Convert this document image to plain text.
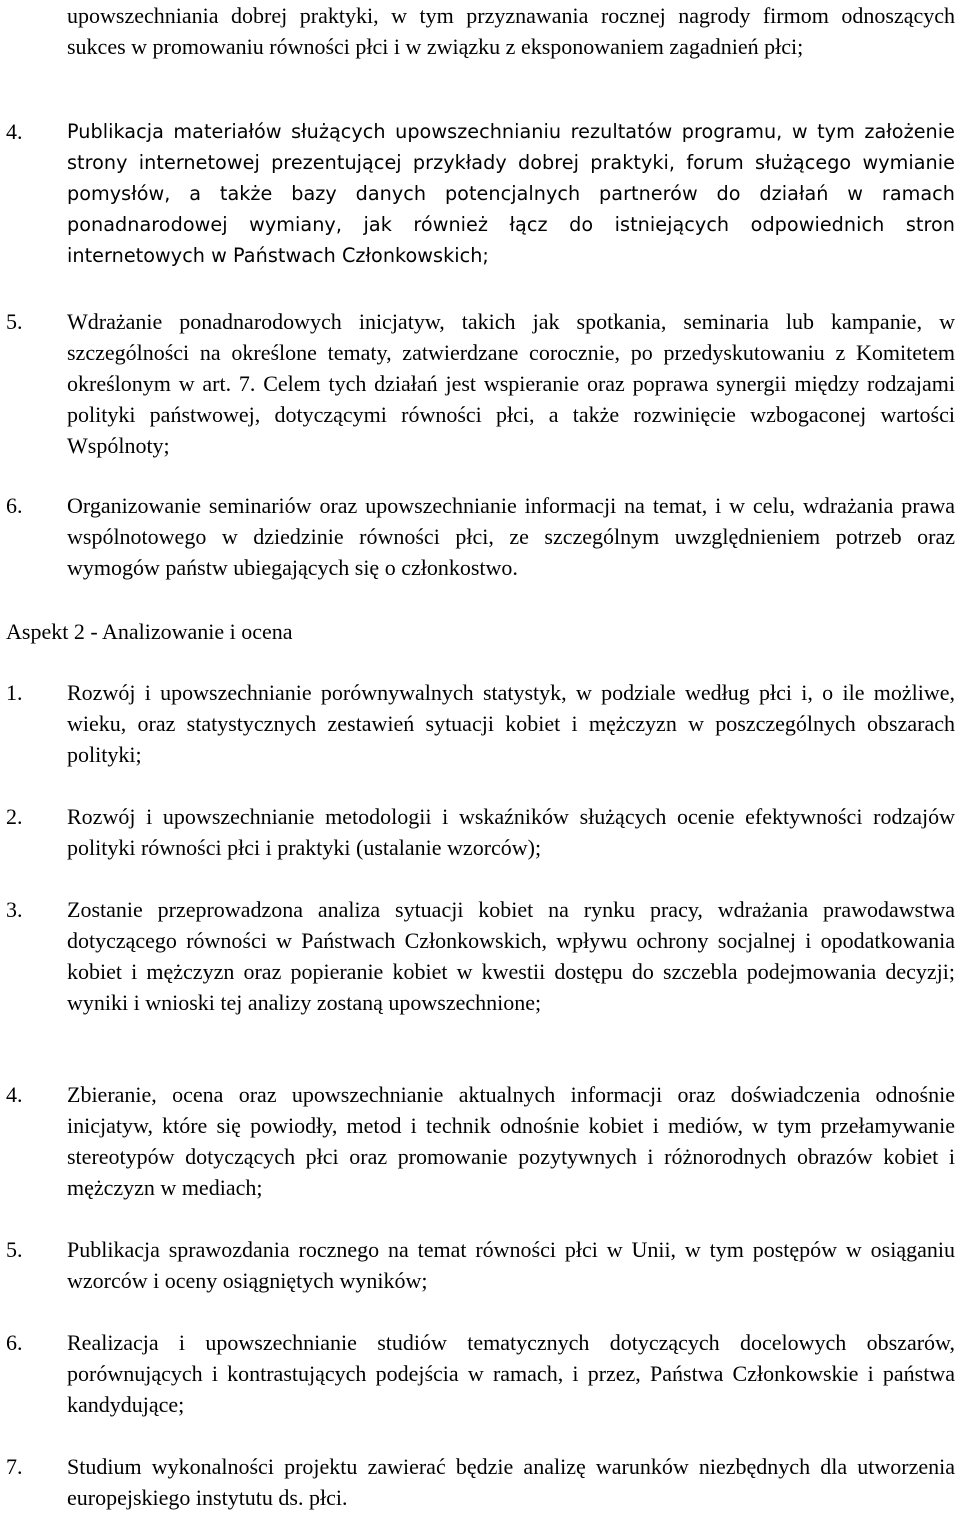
upowszechniania dobrej praktyki, w tym przyznawania rocznej nagrody firmom odnoszących sukces w promowaniu równości płci i w związku z eksponowaniem zagadnień płci;
4.	Publikacja materiałów służących upowszechnianiu rezultatów programu, w tym założenie strony internetowej prezentującej przykłady dobrej praktyki, forum służącego wymianie pomysłów, a także bazy danych potencjalnych partnerów do działań w ramach ponadnarodowej wymiany, jak również łącz do istniejących odpowiednich stron internetowych w Państwach Członkowskich;
5.	Wdrażanie ponadnarodowych inicjatyw, takich jak spotkania, seminaria lub kampanie, w szczególności na określone tematy, zatwierdzane corocznie, po przedyskutowaniu z Komitetem określonym w art. 7. Celem tych działań jest wspieranie oraz poprawa synergii między rodzajami polityki państwowej, dotyczącymi równości płci, a także rozwinięcie wzbogaconej wartości Wspólnoty;
6.	Organizowanie seminariów oraz upowszechnianie informacji na temat, i w celu, wdrażania prawa wspólnotowego w dziedzinie równości płci, ze szczególnym uwzględnieniem potrzeb oraz wymogów państw ubiegających się o członkostwo.
Aspekt 2 - Analizowanie i ocena
1.	Rozwój i upowszechnianie porównywalnych statystyk, w podziale według płci i, o ile możliwe, wieku, oraz statystycznych zestawień sytuacji kobiet i mężczyzn w poszczególnych obszarach polityki;
2.	Rozwój i upowszechnianie metodologii i wskaźników służących ocenie efektywności rodzajów polityki równości płci i praktyki (ustalanie wzorców);
3.	Zostanie przeprowadzona analiza sytuacji kobiet na rynku pracy, wdrażania prawodawstwa dotyczącego równości w Państwach Członkowskich, wpływu ochrony socjalnej i opodatkowania kobiet i mężczyzn oraz popieranie kobiet w kwestii dostępu do szczebla podejmowania decyzji; wyniki i wnioski tej analizy zostaną upowszechnione;
4.	Zbieranie, ocena oraz upowszechnianie aktualnych informacji oraz doświadczenia odnośnie inicjatyw, które się powiodły, metod i technik odnośnie kobiet i mediów, w tym przełamywanie stereotypów dotyczących płci oraz promowanie pozytywnych i różnorodnych obrazów kobiet i mężczyzn w mediach;
5.	Publikacja sprawozdania rocznego na temat równości płci w Unii, w tym postępów w osiąganiu wzorców i oceny osiągniętych wyników;
6.	Realizacja i upowszechnianie studiów tematycznych dotyczących docelowych obszarów, porównujących i kontrastujących podejścia w ramach, i przez, Państwa Członkowskie i państwa kandydujące;
7.	Studium wykonalności projektu zawierać będzie analizę warunków niezbędnych dla utworzenia europejskiego instytutu ds. płci.
